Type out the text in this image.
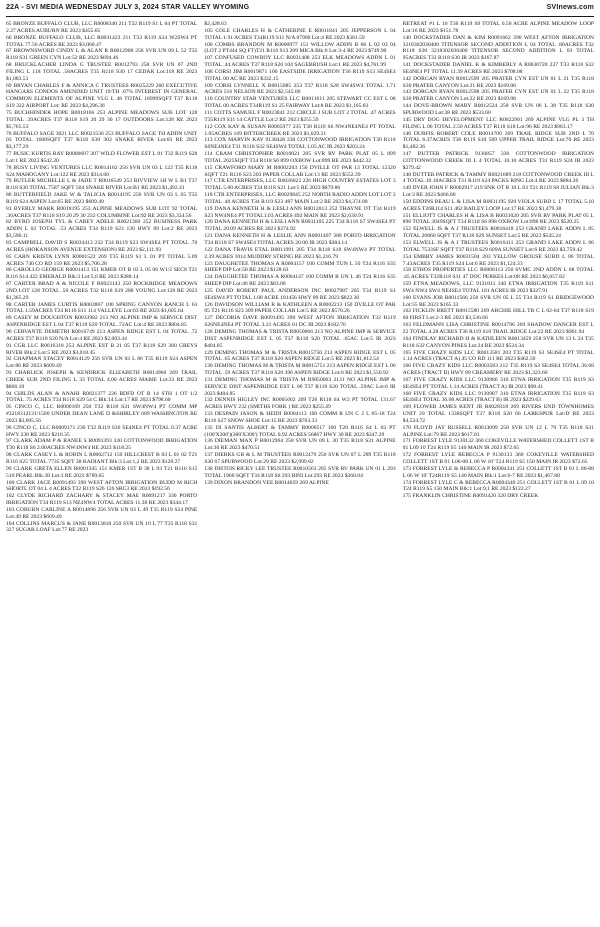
22A - SVI MEDIA WEDNESDAY JULY 3, 2024 STAR VALLEY WYOMING	SVInews.com

65 BRONZE BUFFALO CLUB, LLC R0008340 211 T32 R119 S1 L 04 PT TOTAL 2.27 ACRES AUBURN RE 2023 $455.65

66 BRONZE BUFFALO CLUB, LLC R0031423 211 T33 R119 S34 W2SW4 PT TOTAL 77.56 ACRES RE 2023 $3,060.47

67 BROWNSWORD CINDY L & ALAN R R0012908 258 SVR UN 09 L 52 T35 R118 S31 GREEN CYN Lot:52 RE 2023 $694.46

68 BRUCKLACHER LINDA G TRUSTEE R0012793 258 SVR UN 07 2ND FILING L 118 TOTAL .58ACRES T35 R118 S30 17 CEDAR Lot:118 RE 2023 $1,083.51

69 BRYAN CHARLES F & ANNICA C TRUSTEES R0025229 260 EXECUTIVE HANGARS CONDOS AMENDED UNIT 19/TH .07% INTEREST IN GENERAL COMMON ELEMENTS OF ALPINE VLG L 48 TOTAL 18999SQFT T37 R118 S19 322 AIRPORT Lot: RE 2023 $4,296.36

75 BUCHHINDER HOPE R0018166 253 ALPINE MEADOWS SUB LOT 128 TOTAL .39ACRES T37 R118 S19 20 29 30 17 OUTDOORS Lot:128 RE 2023 $5,765.53

76 BUFFALO SAGE 3021 LLC R0021536 253 BUFFALO SAGE TH ADDN UNIT 03 TOTAL 1608SQFT T37 R118 S30 302 SNAKE RIVER Lot:03 RE 2023 $3,177.29

77 BUSIC KURTIS RAY R0000607 207 WILD FLOWER EST L 01 T32 R119 S28 Lot:1 RE 2023 $542.20

78 BUSY LIVING VENTURES LLC R0014162 256 SVR UN 03 L 122 T35 R118 S24 MAHOGANY Lot:122 RE 2023 $314.00

79 BUTLER MICHELLE L & JADE T R0016549 253 RIVVIEW 1H W L B1 T37 R118 S30 TOTAL 7587 SQFT 504 SNAKE RIVER Lot:B1 RE 2023 $1,492.41

80 BUTTERFIELD JAKE W & TALICIA R0014195 256 SVR UN 03 L 65 T35 R119 S24 ASPEN Lot:65 RE 2023 $609.49

81 BYERLY MARK R0018195 253 ALPINE MEADOWS SUB LOT 92 TOTAL .36ACRES T37 R118 S19 20 29 30 232 COLUMBINE Lot:92 RE 2023 $3,334.56

82 BYRD JOSEPH TYL & CAREY ADELE R0021360 252 BUSINESS PARK ADDN L 02 TOTAL .53 ACRES T34 R119 S23 130 HWY 89 Lot:2 RE 2023 $3,596.11

83 CAMPBELL DAVID S R0034413 232 T34 R119 S23 SW4SE4 PT TOTAL .70 ACRES (HOKANSON AVENUE EXTENSION) RE 2023 $2,111.93

85 CARN KRISTA LYNN R0001522 269 T35 R119 S1 L 01 PT TOTAL 5.09 ACRES 740 CO RD 159 RE 2023 $5,706.28

86 CAROLLO GEORGE R0001413 151 KMER OT B 03 L 05 06 W1/2 SEC8 T21 R116 S14 422 EMERALD Blk:3 Lot:5,6 RE 2023 $388.14

87 CARTER BRAD A & NICOLE F R0023143 250 ROCKRIDGE MEADOWS 2ND LOT 128 TOTAL .50 ACRES T32 R118 S19 288 YOUNG Lot:128 RE 2023 $1,365.29

88 CARTER JAMES CURTIS R0003867 100 SPRING CANYON RANCH L 63 TOTAL 1.59ACRES T24 R116 S11 114 VALLEYE Lot:63 RE 2023 $1,605.64

89 CASEY M DOUGHTON R0033982 213 NO ALPINE IMP & SERVICE DIST ASPENRIDGE EST L 04 T37 R118 S20 TOTAL .72AC Lot:4 RE 2023 $804.85

90 CERVANTE DEMETRI R0016749 213 ASPEN RIDGE EST L 04 TOTAL .72 ACRES T37 R118 S20 N/A Lot:4 RE 2023 $2,003.44

91 CGR LLC R0016318 253 ALPINE EST B 21 05 T37 R118 S29 380 GREYS RIVER Blk:2 Lot:5 RE 2023 $3,018.45

92 CHAPMAN STACEY R0014129 256 SVR UN 03 L 86 T35 R119 S24 ASPEN Lot:86 RE 2023 $609.49

93 CHARLICK JOSEPH & KENDRICK ELIZABETH R0014960 269 TRAIL CREEK SUB 2ND FILING L 33 TOTAL 4.00 ACRES MABIE Lot:33 RE 2023 $866.18

94 CHILDS ALAN & ANAHI R0021377 226 BDFD OT B 14 STH 1 OT 1/2 TOTAL .75 ACRES T34 R118 S29 54 C Blk:14 Lot:17 RE 2023 $798.60

95 CINCO C, LLC R0000109 250 T32 R118 S31 SW4NW4 PT COMM MP #3218312131/1500 UNDER DEAN LANE D &SHIRLEY 689 WASHINGTON RE 2023 $3,605.56

96 CINCO C, LLC R0009171 230 T32 R119 S36 SE4NE4 PT TOTAL 0.37 ACRE HWY 238 RE 2023 $216.35

97 CLARK ADAM P & RANEE S R0091393 330 COTTONWOOD IRRIGATION T30 R118 S6 2.00ACRES NW4NW4 RE 2023 $118.25

98 CLARK CASEY L & ROBIN L R0002712 150 HILLCREST B 03 L 01 02 T21 R116 S25 TOTAL 7735 SQFT 38 RADIANT Blk:3 Lot:1,2 RE 2023 $128.27

99 CLARK GRETA ELLEN R0001345 151 KMER 1ST B 38 L 03 T21 R116 S15 510 PEARL Blk:38 Lot:3 RE 2023 $789.65

100 CLARK JACE R0091493 390 WEST AFTON IRRIGATION BUDD M RICH SHORTL OT 04 L 4 ACRES T32 R119 S26 126 SRC3 RE 2023 $192.56

102 CLYDE RICHARD ZACHARY & STACEY MAE R0091217 330 PORTO IRRIGATION T34 R119 S13 NE4NW4 TOTAL ACRES 11.38 RE 2023 $344.17

103 COBURN CARLINE A R0014896 256 SVR UN 03 L 49 T35 R119 S24 PINE Lot:49 RE 2023 $609.49

104 COLLINS MARCUS & JANE R0013818 250 SVR UN 10 L 77 T35 R118 S31 327 SUGAR LOAF Lot:77 RE 2023

$2,428.63

105 COLE CHARLES H & CATHERINE E R0011841 205 JEPPERSON L 04 TOTAL 1.91 ACRES T34R119 S11 N/A 07900 Lot:4 RE 2023 $381.59

106 COMBS BRANDON M R0000977 151 WILLOW ADDN B 06 L 02 03 04 (LOT 2 PT444 SQ FT)T21 R116 S13 209 MICA Blk:6 Lot:3-4 RE 2023 $749.90

107 CONFUSED COWBOY LLC R0031408 253 ELK MEADOWS ADDN L 01 TOTAL .44 ACRES T37 R118 S20 104 SAGEBRUSH Lot:1 RE 2023 $4,761.99

108 CORSI JIM R0019871 100 EASTSIDE IRRIGATION T36 R119 S13 SE4SE4 TOTAL 00 AC RE 2023 $332.15

109 CORSI LYNNELL X R0015885 253 T37 R118 S28 SW4SW4 TOTAL 1.71 ACRES 516 NELSON RE 2023 $2,545.06

110 COUNTRY STAR VENTURES LLC R0011611 205 STEWART CC EST L 08 TOTAL 00 ACRES T34R119 S1 25 FAIRWAY Lot:8 RE 2023 $1,165.83

111 COTTS SAMUEL F R0023841 212 CIRCLE J SUB LOT 2 TOTAL .47 ACRES T35R119 S11 14 CATTLE Lot:2 RE 2023 $255.59

112 COX KAY & SUSAN R0005977 235 T30 R118 S6 NW4NE4NE4 PT TOTAL 1.05ACRES 169 BITTERCREEK RE 2023 $1,029.31

113 COX MARVIN KAY 9130428 330 COTTONWOOD IRRIGATION T30 R118 S6NE4NE4 T31 N118 S32 SE4SW4 TOTAL 1.05 AC IR 2023 $203.24

114 CRAM CHRISTOPHER R0010021 205 SVR RV PARK PLAT 05 L 899 TOTAL 2625SQFT T34 R118 S6 899 OXBOW Lot:899 RE 2023 $442.32

115 CRAWFORD MARY M R0002203 150 DVILLE OT PAR 13 TOTAL 12320 SQFT T21 R116 S23 203 PAPER COLLAR Lot:13 RE 2023 $552.39

117 CTR ENTERPRISES, LLC R0026022 226 HIGH COUNTRY ESTATES LOT 3 TOTAL 5.00 ACRES T34 R118 S21 Lot:5 RE 2023 $879.86

118 CTR ENTERPRISES, LLC R0029845 252 NORTH RADIO ADDN LOT LOT 2 TOTAL .40 ACRES T34 R119 S23 487 MAIN Lot:2 RE 2023 $4,374.88

119 DANA KENNETH H & LESLI ANN R0012013 252 THAYNE OT T34 R119 S23 NW4NE4 PT TOTAL1.03 ACRES 492 MAIN RE 2023 $2,630.91

120 DANA KENNETH H & LESLI ANN R0031105 225 T34 R118 S7 SW4SE4 PT TOTAL 20.09 ACRES RE 2023 $274.92

121 DANA KENNETH H & LESLIE ANN R0091407 380 PORTO IRRIGATION T34 R118 S7 SW4SE4 TOTAL ACRES 20.00 IR 2023 $384.14

122 DANA TRAVIS ETAL R0011991 205 T34 R118 S18 SW4NW4 PT TOTAL 2.39 ACRES 1014 MUDDRY STRING RE 2023 $1,216.79

123 DAUGHETEE THOMAS A R0004157 100 COMM TUN L 50 T24 R116 S35 SHEEP DIP Lot:50 RE 2023 $128.63

124 DAUGHETEE THOMAS A R0004147 100 COMM R UN L 46 T24 R116 S35 SHEEP DIP Lot:46 RE 2023 $83.08

125 DAVID ROBERT PAUL ANDERSON INC R0027987 205 T34 R119 S1 SE4SW4 PT TOTAL 1.00 ACRE 101456 HWY 89 RE 2023 $822.30

126 DAVIDSON WILLIAM R & KATHLEEN A R0002213 150 DVILLE OT PAR 05 T21 R116 S23 309 PAPER COLLAR Lot:5 RE 2023 $570.26

127 DECORIA DAVE R0091495 390 WEST AFTON IRRIGATION T32 R119 S26NE4NE4 PT TOTAL 3.21 ACRES 01 DC IR 2023 $182.76

128 DEMING THOMAS & TRISTA R9050066 213 NO ALPINE IMP & SERVICE DIST ASPENRIDGE EST L 05 T37 R118 S20 TOTAL .65AC Lot:5 IR 2023 $404.85

129 DEMING THOMAS M & TRISTA R0015750 213 ASPEN RIDGE EST L 05 TOTAL .65 ACRES T37 R118 S20 ASPEN RIDGE Lot:5 RE 2023 $1,812.54

130 DEMING THOMAS M & TRISTA M R0015751 213 ASPEN RIDGE EST L 06 TOTAL .59 ACRES T37 R118 S20 396 ASPEN RIDGE Lot:6 RE 2023 $1,550.92

131 DEMING THOMAS M & TRISTA M R9050063 2131 NO ALPINE IMP & SERVICE DIST ASPENRIDGE EST L 06 T37 R118 S20 TOTAL .59AC Lot:6 IR 2023 $404.85

132 DENNIS HIGLEY INC R0005662 209 T26 R118 S4 W2 PT TOTAL 131.67 ACRES HWY 232 (SMITHS FORK ) RE 2023 $255.49

133 DESPAIN JASON & HEIDI R0004113 100 COMM R UN C 2 L 05-18 T24 R116 S27 SNOW SHOE Lot:15 RE 2023 $763.33

135 DI SANTIS ALBERT & TAMMY R0000517 100 T20 R116 S4 L 03 PT (100'X300')(300'X300') TOTAL 0.92 ACRES 56867 HWY 30 RE 2023 $347.29

136 DIEMAN MAX P R0012964 258 SVR UN 09 L 30 T35 R118 S31 ALPINE Lot:30 RE 2023 $470.51

137 DIERKS GR & L M TRUSTEES R0012479 250 SVR UN 07 L 289 T35 R118 S30 67 SPURWOOD Lot:29 RE 2023 $2,099.82

138 DISTON RICKY LEE TRUSTEE R0010563 205 SVR RV PARK UN 01 L 293 TOTAL 1960 SQFT T34 R118 S6 293 BINI Lot:293 RE 2023 $368.04

139 DIXON BRANDON VEE R0014659 269 ALPINE

RETREAT #1 L 16 T36 R119 S9 TOTAL 0.50 ACRE ALPINE MEADOW LOOP Lot:16 RE 2023 $151.78

140 DOCKSTADER DAN & KIM R0091662 390 WEST AFTON IRRIGATION 3218302030400 TITENSOR SECOND ADDITION L 04 TOTAL .80ACRES T32 R118 S30 3218302030400 TITENSOR SECOND ADDITION L 03 TOTAL 95ACRES T32 R118 S30 IR 2023 $167.87

141 DOCKSTADER DANIEL K & KIMBERLY A R0030720 237 T33 R118 S32 SE4NE4 PT TOTAL 11.39 ACRES RE 2023 $708.08

142 DORGAN RYAN R0012599 205 PRATER CYN EST UN 01 L 21 T35 R118 S30 PRATER CANYON Lot:21 RE 2023 $169.08

143 DORGAN RYAN R0012598 205 PRATER CYN EST UN 01 L 22 T35 R118 S30 PRATER CANYON Lot:22 RE 2023 $169.08

144 DOVE-BROWN MARY R0012524 258 SVR UN 06 L 38 T35 R118 S30 SPURWOOD Lot:38 RE 2023 $533.60

145 DRY DOG DEVELOPMENT LLC R0022901 269 ALPINE VLG PL 3 TH FILING L 06 TOTAL 2.50 ACRES T37 R118 S18 Lot:96 RE 2023 $963.17

146 DURFIS ROBERT COLE R0014700 269 TRAIL RIDGE SUB 2ND L 70 TOTAL 6.37ACRES T36 R119 S10 589 UPPER TRAIL RIDGE Lot:70 RE 2023 $1,482.36

147 DUTTER PATRICK 9130857 330 COTTONWOOD IRRIGATION COTTONWOOD CREEK III L 4 TOTAL 10.10 ACRES T31 R119 S24 IR 2023 $279.42

148 DUTTER PATRICK & TAMMY R0021689 218 COTTONWOOD CREEK III L 4 TOTAL 10.10ACRES T31 R119 S24 PACKS RING Lot:4 RE 2023 $884.26

149 DYER JOHN F R0002917 219 SNK OT B 10 L 03 T21 R119 S8 JULIAN Blk:3 Lot:3 RE 2023 $466.00

150 EDDINS BEAU L & LISA M R0031195 920 VIOLA SUBD L 17 TOTAL 5.10 ACRES T26R114 S11 462 BAILEY LOOP Lot:17 RE 2023 $1,479.38

151 ELLIOTT CHARLES H & LISA B R0031020 205 SVR RV PARK PLAT 05 L 898 TOTAL 3049SQFT T34 R118 S6 898 OXBOW Lot:898 RE 2023 $520.25

152 ELWELL JS & A J TRUSTEES R0016418 253 GRAND LAKE ADDN L 05 TOTAL 20860 SQFT T37 R118 S29 SUNSET Lot:5 RE 2023 $545.24

153 ELWELL JS & A J TRUSTEES R0016411 253 GRAND LAKE ADDN L 06 TOTAL 7533SF SQFT T37 R118 S29 609A SUNSET Lot:6 RE 2023 $3,759.42

154 EMBRY JAMES R0031504 203 YELLOW GROUSE SUBD L 06 TOTAL 7.43ACRES T35 R119 S24 Lot:6 RE 2023 $1,124.33

158 ETHOS PROPERTIES LLC R0008113 250 SVMC 2ND ADDN L 08 TOTAL .45 ACRES T32R118 S31 47 DOC PERKES Lot:08 RE 2023 $6,657.82

159 ETNA MEADOWS, LLC 9131011 340 ETNA IRRIGATION T35 R119 S11 SW4 NW4 SW4 NE4SE4 TOTAL 181 ACRES IR 2023 $327.91

160 EVANS JOB R0011566 258 SVR UN 05 L 55 T34 R119 S1 BRIDGEWOOD Lot:55 RE 2023 $165.33

162 FICKLIN BRETT R0015580 269 ARCHIE HILL TR C L 02-04 T37 R118 S19 60 FIRST Lot:2-3 RE 2023 $3,536.66

163 FELDMANN LISA CHRISTINE R0014796 269 SHADOW DANCER EST L 22 TOTAL 4.28 ACRES T36 R119 S10 TRAIL RIDGE Lot:22 RE 2023 $961.94

164 FINDLAY RICHARD H & KATHLEEN R0013459 258 SVR UN 13 L 24 T35 R118 S32 CANYON PINES Lot:24 RE 2023 $524.34

165 FIVE CRAZY KIDS LLC R0013581 203 T35 R119 S3 SE4SE4 PT TOTAL 1.14 ACRES (TRACT A) 45 CO RD 111 RE 2023 $462.50

166 FIVE CRAZY KIDS LLC R0003583 212 T35 R119 S3 SE4SE4 TOTAL 36.68 ACRES (TRACT B) HWY 89 CREAMERY RE 2023 $1,323.60

167 FIVE CRAZY KIDS LLC 9130986 310 ETNA IRRIGATION T35 R119 S3 SE4SE4 PT TOTAL 1.14 ACRES (TRACT A) IR 2023 $90.41

168 FIVE CRAZY KIDS LLC 9130987 310 ETNA IRRIGATION T35 R119 S3 SE4SE4 TOTAL 36.68 ACRES (TRACT B) IR 2023 $229.63

169 FLOWER JAMES KENT JR R0028318 269 RIVERS END TOWNHOMES UNIT 20 TOTAL 1338SQFT T37 R118 S20 66 LARKSPUR Lot:D RE 2023 $4,524.72

170 FLOYD JAY RUSSELL R0013099 258 SVR UN 12 L 79 T35 R118 S31 ALPINE Lot:79 RE 2023 $617.81

171 FORREST LYLE 9130132 360 COKEVILLE WATERSHED COLLETT 1ST B 01 L09 10 T24 R119 S5 140 MAIN IR 2023 $72.65

172 FORREST LYLE REBECCA P 9130133 360 COKEVILLE WATERSHED COLLETT 1ST B 01 L06-08 L 06 W 10' T24 R119 S5 150 MAIN IR 2023 $72.65

173 FORREST LYLE & REBECCA P R0004341 251 COLLETT 1ST B 01 L 06-08 L 06 W 10' T24R119 S5 140 MAIN Blk:1 Lot:6-7 RE 2023 $1,467.88

174 FORREST LYLE C & REBECCA R0004340 251 COLLETT 1ST B 01 L 09 10 T24 R119 S5 150 MAIN Blk:1 Lot:9,1 RE 2023 $122.27

175 FRANKLIN CHRISTINE R0091420 320 DRY CREEK
